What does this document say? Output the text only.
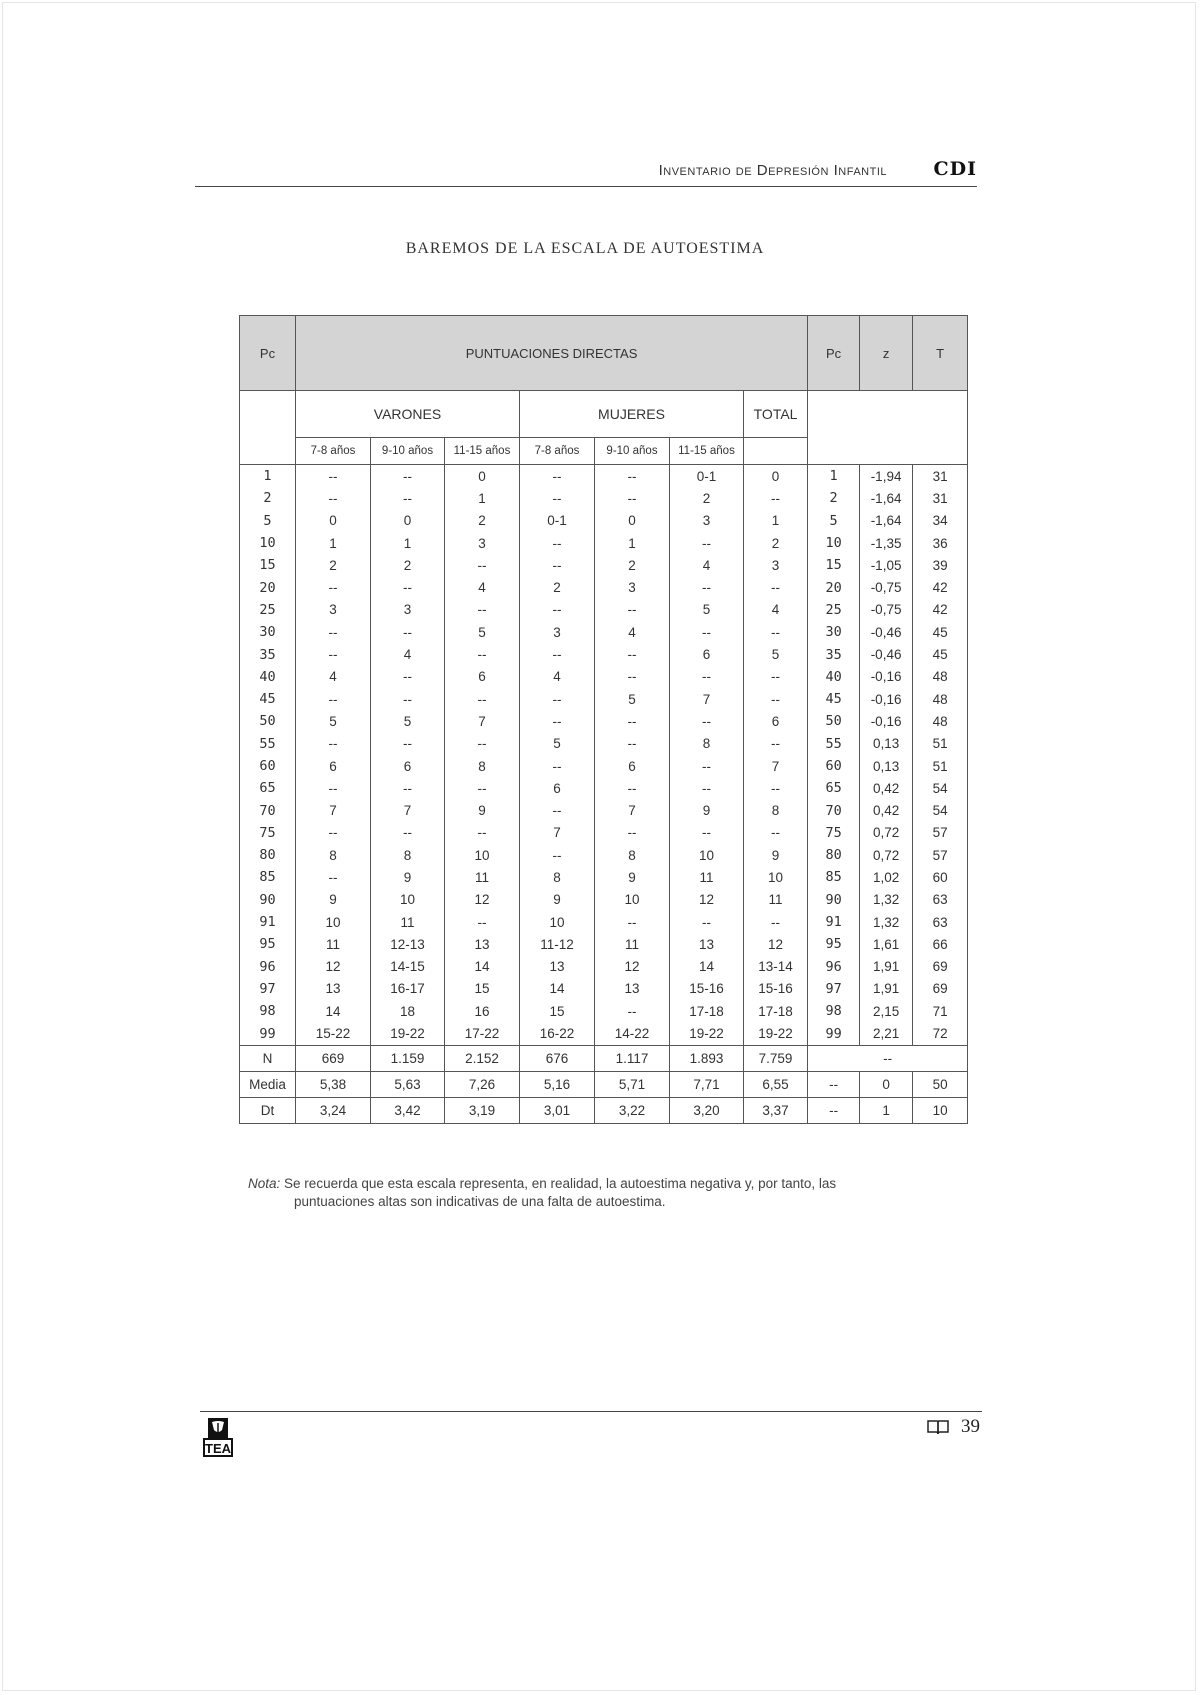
Inventario de Depresión Infantil CDI
BAREMOS DE LA ESCALA DE AUTOESTIMA
Pc	PUNTUACIONES DIRECTAS							Pc	z	T
	VARONES			MUJERES			TOTAL			
	7-8 años	9-10 años	11-15 años	7-8 años	9-10 años	11-15 años				
1	--	--	0	--	--	0-1	0	1	-1,94	31
2	--	--	1	--	--	2	--	2	-1,64	31
5	0	0	2	0-1	0	3	1	5	-1,64	34
10	1	1	3	--	1	--	2	10	-1,35	36
15	2	2	--	--	2	4	3	15	-1,05	39
20	--	--	4	2	3	--	--	20	-0,75	42
25	3	3	--	--	--	5	4	25	-0,75	42
30	--	--	5	3	4	--	--	30	-0,46	45
35	--	4	--	--	--	6	5	35	-0,46	45
40	4	--	6	4	--	--	--	40	-0,16	48
45	--	--	--	--	5	7	--	45	-0,16	48
50	5	5	7	--	--	--	6	50	-0,16	48
55	--	--	--	5	--	8	--	55	0,13	51
60	6	6	8	--	6	--	7	60	0,13	51
65	--	--	--	6	--	--	--	65	0,42	54
70	7	7	9	--	7	9	8	70	0,42	54
75	--	--	--	7	--	--	--	75	0,72	57
80	8	8	10	--	8	10	9	80	0,72	57
85	--	9	11	8	9	11	10	85	1,02	60
90	9	10	12	9	10	12	11	90	1,32	63
91	10	11	--	10	--	--	--	91	1,32	63
95	11	12-13	13	11-12	11	13	12	95	1,61	66
96	12	14-15	14	13	12	14	13-14	96	1,91	69
97	13	16-17	15	14	13	15-16	15-16	97	1,91	69
98	14	18	16	15	--	17-18	17-18	98	2,15	71
99	15-22	19-22	17-22	16-22	14-22	19-22	19-22	99	2,21	72
N	669	1.159	2.152	676	1.117	1.893	7.759	--		
Media	5,38	5,63	7,26	5,16	5,71	7,71	6,55	--	0	50
Dt	3,24	3,42	3,19	3,01	3,22	3,20	3,37	--	1	10
Nota: Se recuerda que esta escala representa, en realidad, la autoestima negativa y, por tanto, las
puntuaciones altas son indicativas de una falta de autoestima.
TEA
39
